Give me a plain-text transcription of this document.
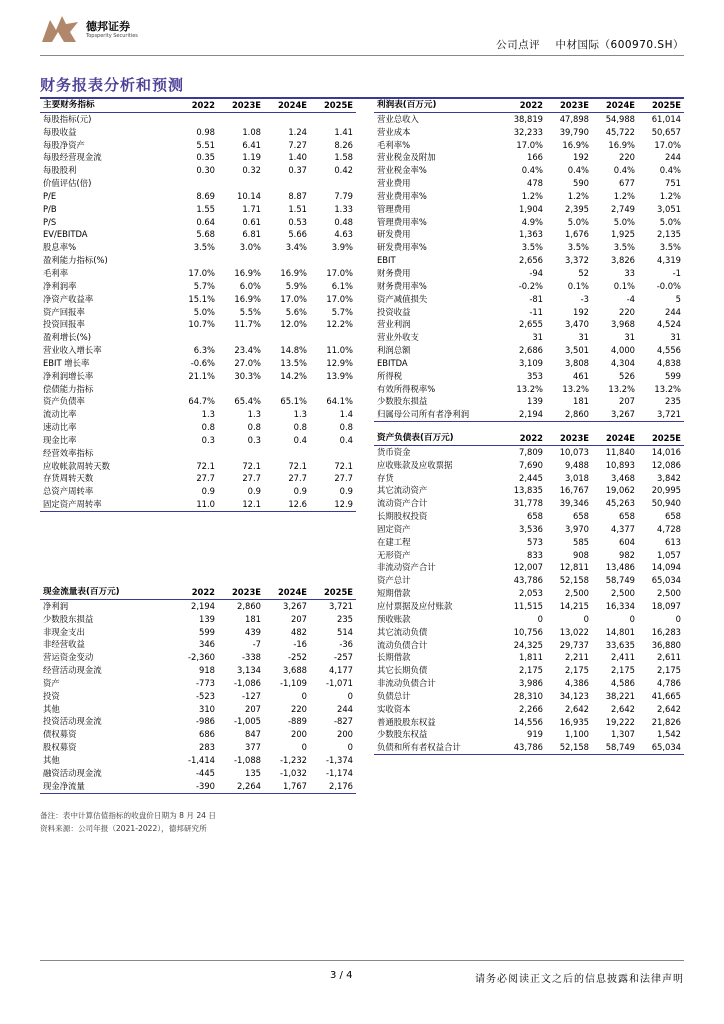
德邦证券
Topsperity Securities
公司点评 中材国际（600970.SH）
财务报表分析和预测
主要财务指标	2022	2023E	2024E	2025E
每股指标(元)				
每股收益	0.98	1.08	1.24	1.41
每股净资产	5.51	6.41	7.27	8.26
每股经营现金流	0.35	1.19	1.40	1.58
每股股利	0.30	0.32	0.37	0.42
价值评估(倍)				
P/E	8.69	10.14	8.87	7.79
P/B	1.55	1.71	1.51	1.33
P/S	0.64	0.61	0.53	0.48
EV/EBITDA	5.68	6.81	5.66	4.63
股息率%	3.5%	3.0%	3.4%	3.9%
盈利能力指标(%)				
毛利率	17.0%	16.9%	16.9%	17.0%
净利润率	5.7%	6.0%	5.9%	6.1%
净资产收益率	15.1%	16.9%	17.0%	17.0%
资产回报率	5.0%	5.5%	5.6%	5.7%
投资回报率	10.7%	11.7%	12.0%	12.2%
盈利增长(%)				
营业收入增长率	6.3%	23.4%	14.8%	11.0%
EBIT 增长率	-0.6%	27.0%	13.5%	12.9%
净利润增长率	21.1%	30.3%	14.2%	13.9%
偿债能力指标				
资产负债率	64.7%	65.4%	65.1%	64.1%
流动比率	1.3	1.3	1.3	1.4
速动比率	0.8	0.8	0.8	0.8
现金比率	0.3	0.3	0.4	0.4
经营效率指标				
应收帐款周转天数	72.1	72.1	72.1	72.1
存货周转天数	27.7	27.7	27.7	27.7
总资产周转率	0.9	0.9	0.9	0.9
固定资产周转率	11.0	12.1	12.6	12.9
利润表(百万元)	2022	2023E	2024E	2025E
营业总收入	38,819	47,898	54,988	61,014
营业成本	32,233	39,790	45,722	50,657
毛利率%	17.0%	16.9%	16.9%	17.0%
营业税金及附加	166	192	220	244
营业税金率%	0.4%	0.4%	0.4%	0.4%
营业费用	478	590	677	751
营业费用率%	1.2%	1.2%	1.2%	1.2%
管理费用	1,904	2,395	2,749	3,051
管理费用率%	4.9%	5.0%	5.0%	5.0%
研发费用	1,363	1,676	1,925	2,135
研发费用率%	3.5%	3.5%	3.5%	3.5%
EBIT	2,656	3,372	3,826	4,319
财务费用	-94	52	33	-1
财务费用率%	-0.2%	0.1%	0.1%	-0.0%
资产减值损失	-81	-3	-4	5
投资收益	-11	192	220	244
营业利润	2,655	3,470	3,968	4,524
营业外收支	31	31	31	31
利润总额	2,686	3,501	4,000	4,556
EBITDA	3,109	3,808	4,304	4,838
所得税	353	461	526	599
有效所得税率%	13.2%	13.2%	13.2%	13.2%
少数股东损益	139	181	207	235
归属母公司所有者净利润	2,194	2,860	3,267	3,721
资产负债表(百万元)	2022	2023E	2024E	2025E
货币资金	7,809	10,073	11,840	14,016
应收账款及应收票据	7,690	9,488	10,893	12,086
存货	2,445	3,018	3,468	3,842
其它流动资产	13,835	16,767	19,062	20,995
流动资产合计	31,778	39,346	45,263	50,940
长期股权投资	658	658	658	658
固定资产	3,536	3,970	4,377	4,728
在建工程	573	585	604	613
无形资产	833	908	982	1,057
非流动资产合计	12,007	12,811	13,486	14,094
资产总计	43,786	52,158	58,749	65,034
短期借款	2,053	2,500	2,500	2,500
应付票据及应付账款	11,515	14,215	16,334	18,097
预收账款	0	0	0	0
其它流动负债	10,756	13,022	14,801	16,283
流动负债合计	24,325	29,737	33,635	36,880
长期借款	1,811	2,211	2,411	2,611
其它长期负债	2,175	2,175	2,175	2,175
非流动负债合计	3,986	4,386	4,586	4,786
负债总计	28,310	34,123	38,221	41,665
实收资本	2,266	2,642	2,642	2,642
普通股股东权益	14,556	16,935	19,222	21,826
少数股东权益	919	1,100	1,307	1,542
负债和所有者权益合计	43,786	52,158	58,749	65,034
现金流量表(百万元)	2022	2023E	2024E	2025E
净利润	2,194	2,860	3,267	3,721
少数股东损益	139	181	207	235
非现金支出	599	439	482	514
非经营收益	346	-7	-16	-36
营运资金变动	-2,360	-338	-252	-257
经营活动现金流	918	3,134	3,688	4,177
资产	-773	-1,086	-1,109	-1,071
投资	-523	-127	0	0
其他	310	207	220	244
投资活动现金流	-986	-1,005	-889	-827
债权募资	686	847	200	200
股权募资	283	377	0	0
其他	-1,414	-1,088	-1,232	-1,374
融资活动现金流	-445	135	-1,032	-1,174
现金净流量	-390	2,264	1,767	2,176
备注：表中计算估值指标的收盘价日期为 8 月 24 日
资料来源：公司年报（2021-2022），德邦研究所
3 / 4	请务必阅读正文之后的信息披露和法律声明
